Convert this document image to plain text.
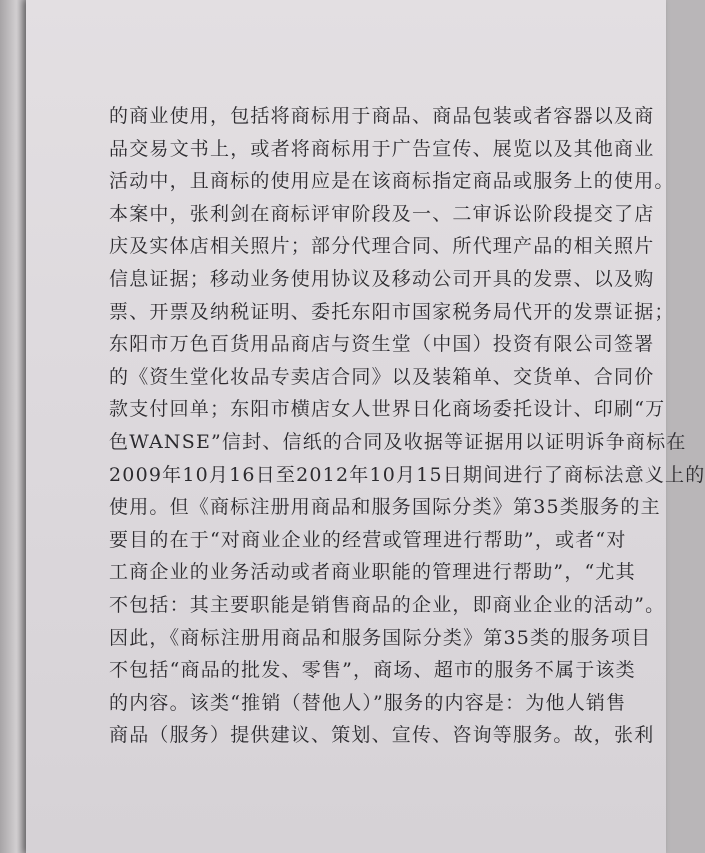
的商业使用，包括将商标用于商品、商品包装或者容器以及商
品交易文书上，或者将商标用于广告宣传、展览以及其他商业
活动中，且商标的使用应是在该商标指定商品或服务上的使用。
本案中，张利剑在商标评审阶段及一、二审诉讼阶段提交了店
庆及实体店相关照片；部分代理合同、所代理产品的相关照片
信息证据；移动业务使用协议及移动公司开具的发票、以及购
票、开票及纳税证明、委托东阳市国家税务局代开的发票证据；
东阳市万色百货用品商店与资生堂（中国）投资有限公司签署
的《资生堂化妆品专卖店合同》以及装箱单、交货单、合同价
款支付回单；东阳市横店女人世界日化商场委托设计、印刷“万
色WANSE”信封、信纸的合同及收据等证据用以证明诉争商标在
2009年10月16日至2012年10月15日期间进行了商标法意义上的
使用。但《商标注册用商品和服务国际分类》第35类服务的主
要目的在于“对商业企业的经营或管理进行帮助”，或者“对
工商企业的业务活动或者商业职能的管理进行帮助”，“尤其
不包括：其主要职能是销售商品的企业，即商业企业的活动”。
因此，《商标注册用商品和服务国际分类》第35类的服务项目
不包括“商品的批发、零售”，商场、超市的服务不属于该类
的内容。该类“推销（替他人）”服务的内容是：为他人销售
商品（服务）提供建议、策划、宣传、咨询等服务。故，张利
